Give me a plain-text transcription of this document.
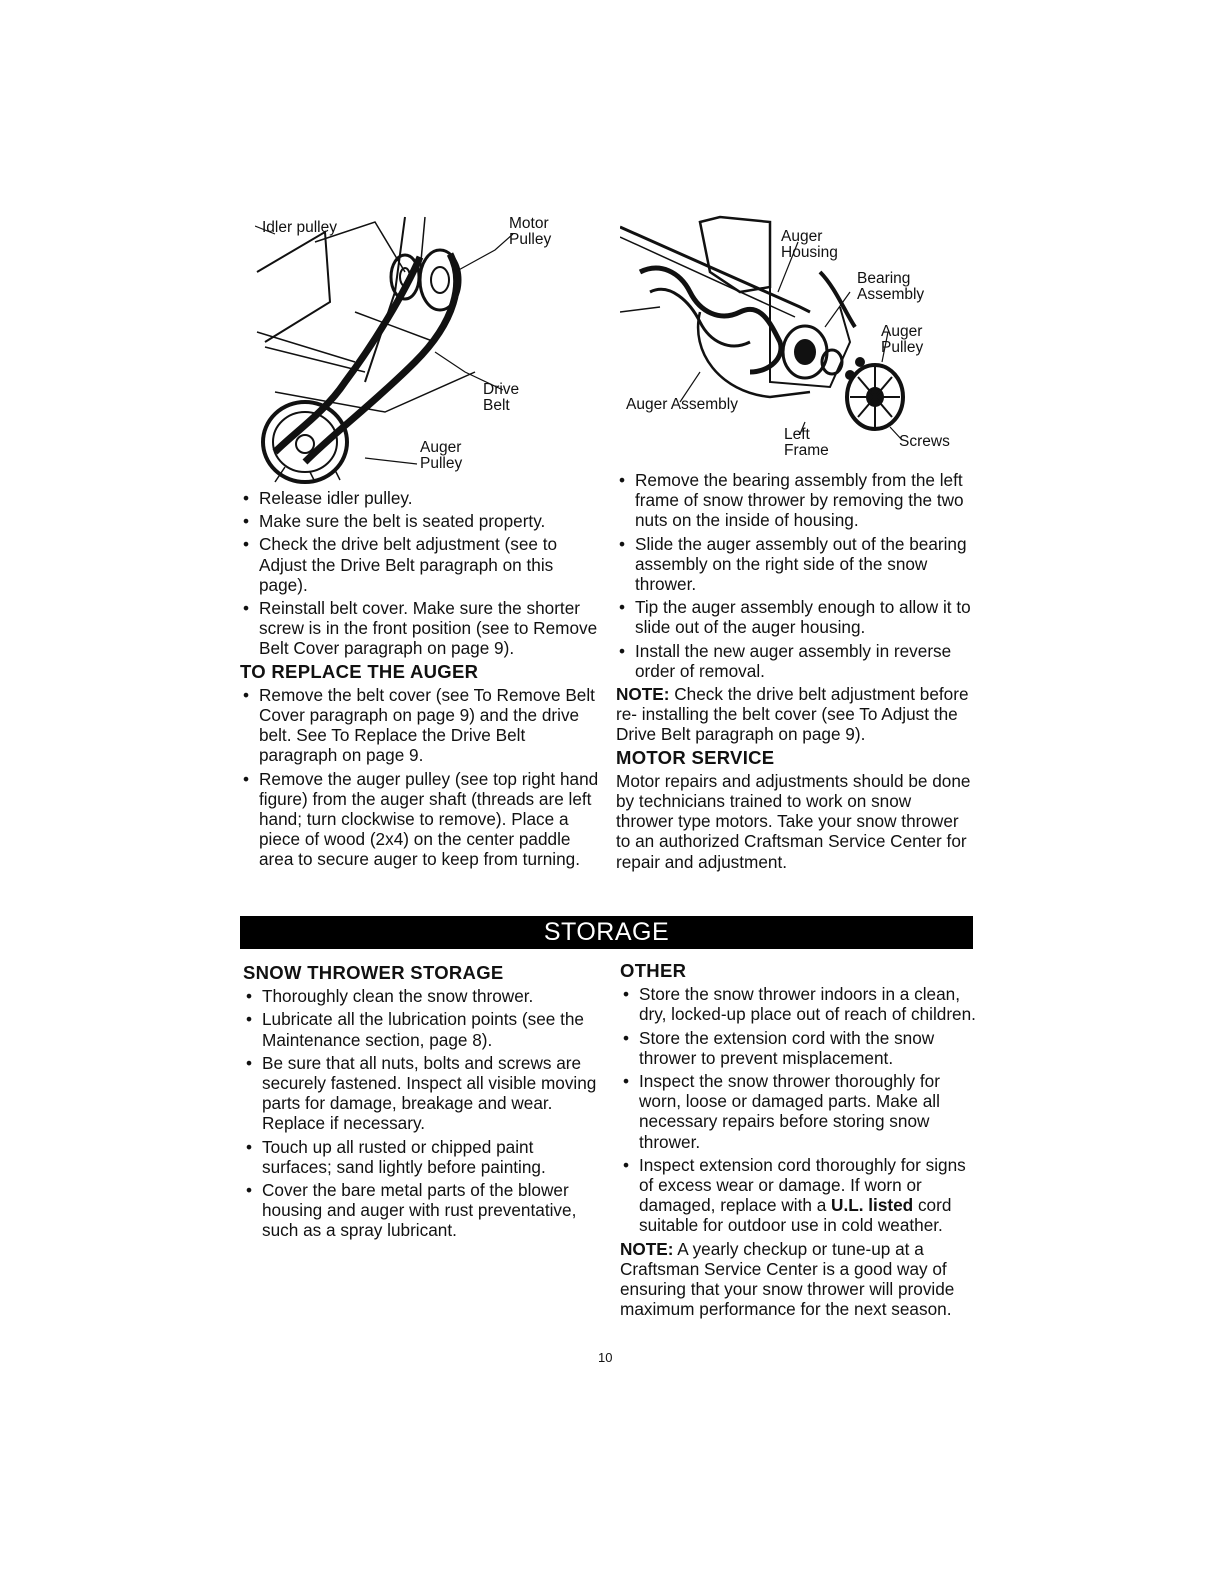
Idler pulley	Motor
Pulley
Drive
Belt
Auger
Pulley
Auger
Housing
Bearing
Assembly
Auger
Pulley
Auger Assembly
Left
Frame
Screws
• Release idler pulley.
• Make sure the belt is seated property.
• Check the drive belt adjustment (see to Adjust the Drive Belt paragraph on this page).
• Reinstall belt cover. Make sure the shorter screw is in the front position (see to Remove Belt Cover paragraph on page 9).
TO REPLACE THE AUGER
• Remove the belt cover (see To Remove Belt Cover paragraph on page 9) and the drive belt. See To Replace the Drive Belt paragraph on page 9.
• Remove the auger pulley (see top right hand figure) from the auger shaft (threads are left hand; turn clockwise to remove). Place a piece of wood (2x4) on the center paddle area to secure auger to keep from turning.
• Remove the bearing assembly from the left frame of snow thrower by removing the two nuts on the inside of housing.
• Slide the auger assembly out of the bearing assembly on the right side of the snow thrower.
• Tip the auger assembly enough to allow it to slide out of the auger housing.
• Install the new auger assembly in reverse order of removal.

NOTE: Check the drive belt adjustment before re- installing the belt cover (see To Adjust the Drive Belt paragraph on page 9).

MOTOR SERVICE

Motor repairs and adjustments should be done by technicians trained to work on snow thrower type motors. Take your snow thrower to an authorized Craftsman Service Center for repair and adjustment.

STORAGE
SNOW THROWER STORAGE
• Thoroughly clean the snow thrower.
• Lubricate all the lubrication points (see the Maintenance section, page 8).
• Be sure that all nuts, bolts and screws are securely fastened. Inspect all visible moving parts for damage, breakage and wear. Replace if necessary.
• Touch up all rusted or chipped paint surfaces; sand lightly before painting.
• Cover the bare metal parts of the blower housing and auger with rust preventative, such as a spray lubricant.
OTHER
• Store the snow thrower indoors in a clean, dry, locked-up place out of reach of children.
• Store the extension cord with the snow thrower to prevent misplacement.
• Inspect the snow thrower thoroughly for worn, loose or damaged parts. Make all necessary repairs before storing snow thrower.
• Inspect extension cord thoroughly for signs of excess wear or damage. If worn or damaged, replace with a U.L. listed cord suitable for outdoor use in cold weather.

NOTE: A yearly checkup or tune-up at a Craftsman Service Center is a good way of ensuring that your snow thrower will provide maximum performance for the next season.

10
